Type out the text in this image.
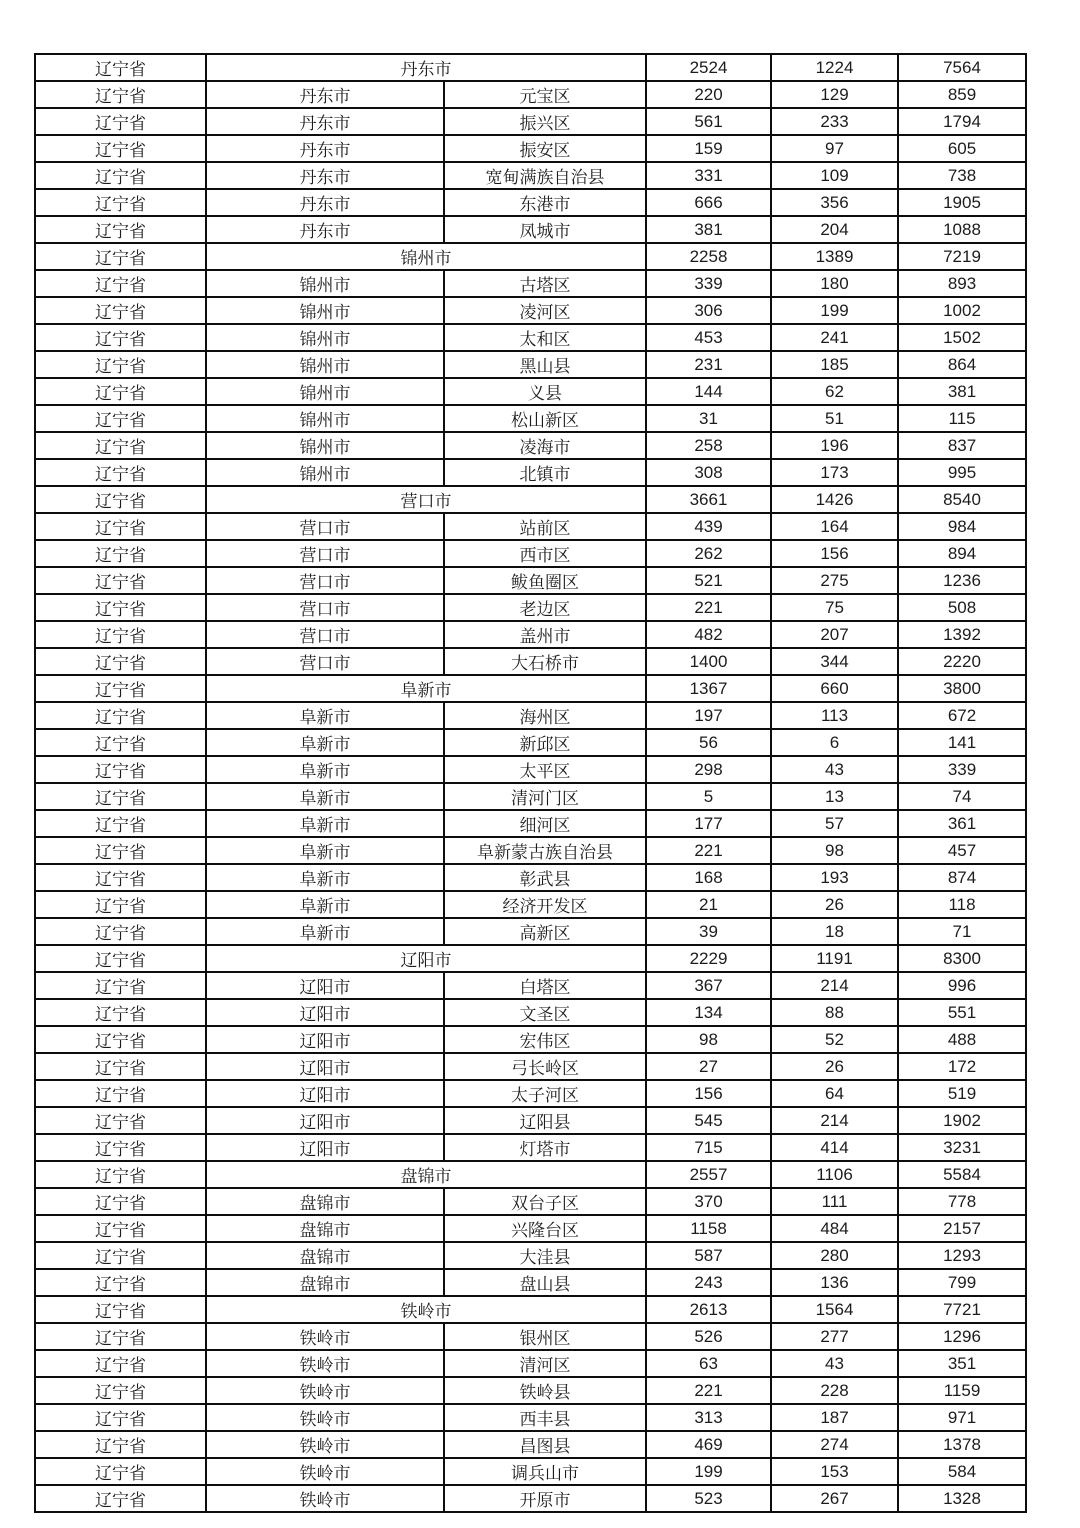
辽宁省	丹东市		2524	1224	7564
辽宁省	丹东市	元宝区	220	129	859
辽宁省	丹东市	振兴区	561	233	1794
辽宁省	丹东市	振安区	159	97	605
辽宁省	丹东市	宽甸满族自治县	331	109	738
辽宁省	丹东市	东港市	666	356	1905
辽宁省	丹东市	凤城市	381	204	1088
辽宁省	锦州市		2258	1389	7219
辽宁省	锦州市	古塔区	339	180	893
辽宁省	锦州市	凌河区	306	199	1002
辽宁省	锦州市	太和区	453	241	1502
辽宁省	锦州市	黑山县	231	185	864
辽宁省	锦州市	义县	144	62	381
辽宁省	锦州市	松山新区	31	51	115
辽宁省	锦州市	凌海市	258	196	837
辽宁省	锦州市	北镇市	308	173	995
辽宁省	营口市		3661	1426	8540
辽宁省	营口市	站前区	439	164	984
辽宁省	营口市	西市区	262	156	894
辽宁省	营口市	鲅鱼圈区	521	275	1236
辽宁省	营口市	老边区	221	75	508
辽宁省	营口市	盖州市	482	207	1392
辽宁省	营口市	大石桥市	1400	344	2220
辽宁省	阜新市		1367	660	3800
辽宁省	阜新市	海州区	197	113	672
辽宁省	阜新市	新邱区	56	6	141
辽宁省	阜新市	太平区	298	43	339
辽宁省	阜新市	清河门区	5	13	74
辽宁省	阜新市	细河区	177	57	361
辽宁省	阜新市	阜新蒙古族自治县	221	98	457
辽宁省	阜新市	彰武县	168	193	874
辽宁省	阜新市	经济开发区	21	26	118
辽宁省	阜新市	高新区	39	18	71
辽宁省	辽阳市		2229	1191	8300
辽宁省	辽阳市	白塔区	367	214	996
辽宁省	辽阳市	文圣区	134	88	551
辽宁省	辽阳市	宏伟区	98	52	488
辽宁省	辽阳市	弓长岭区	27	26	172
辽宁省	辽阳市	太子河区	156	64	519
辽宁省	辽阳市	辽阳县	545	214	1902
辽宁省	辽阳市	灯塔市	715	414	3231
辽宁省	盘锦市		2557	1106	5584
辽宁省	盘锦市	双台子区	370	111	778
辽宁省	盘锦市	兴隆台区	1158	484	2157
辽宁省	盘锦市	大洼县	587	280	1293
辽宁省	盘锦市	盘山县	243	136	799
辽宁省	铁岭市		2613	1564	7721
辽宁省	铁岭市	银州区	526	277	1296
辽宁省	铁岭市	清河区	63	43	351
辽宁省	铁岭市	铁岭县	221	228	1159
辽宁省	铁岭市	西丰县	313	187	971
辽宁省	铁岭市	昌图县	469	274	1378
辽宁省	铁岭市	调兵山市	199	153	584
辽宁省	铁岭市	开原市	523	267	1328
